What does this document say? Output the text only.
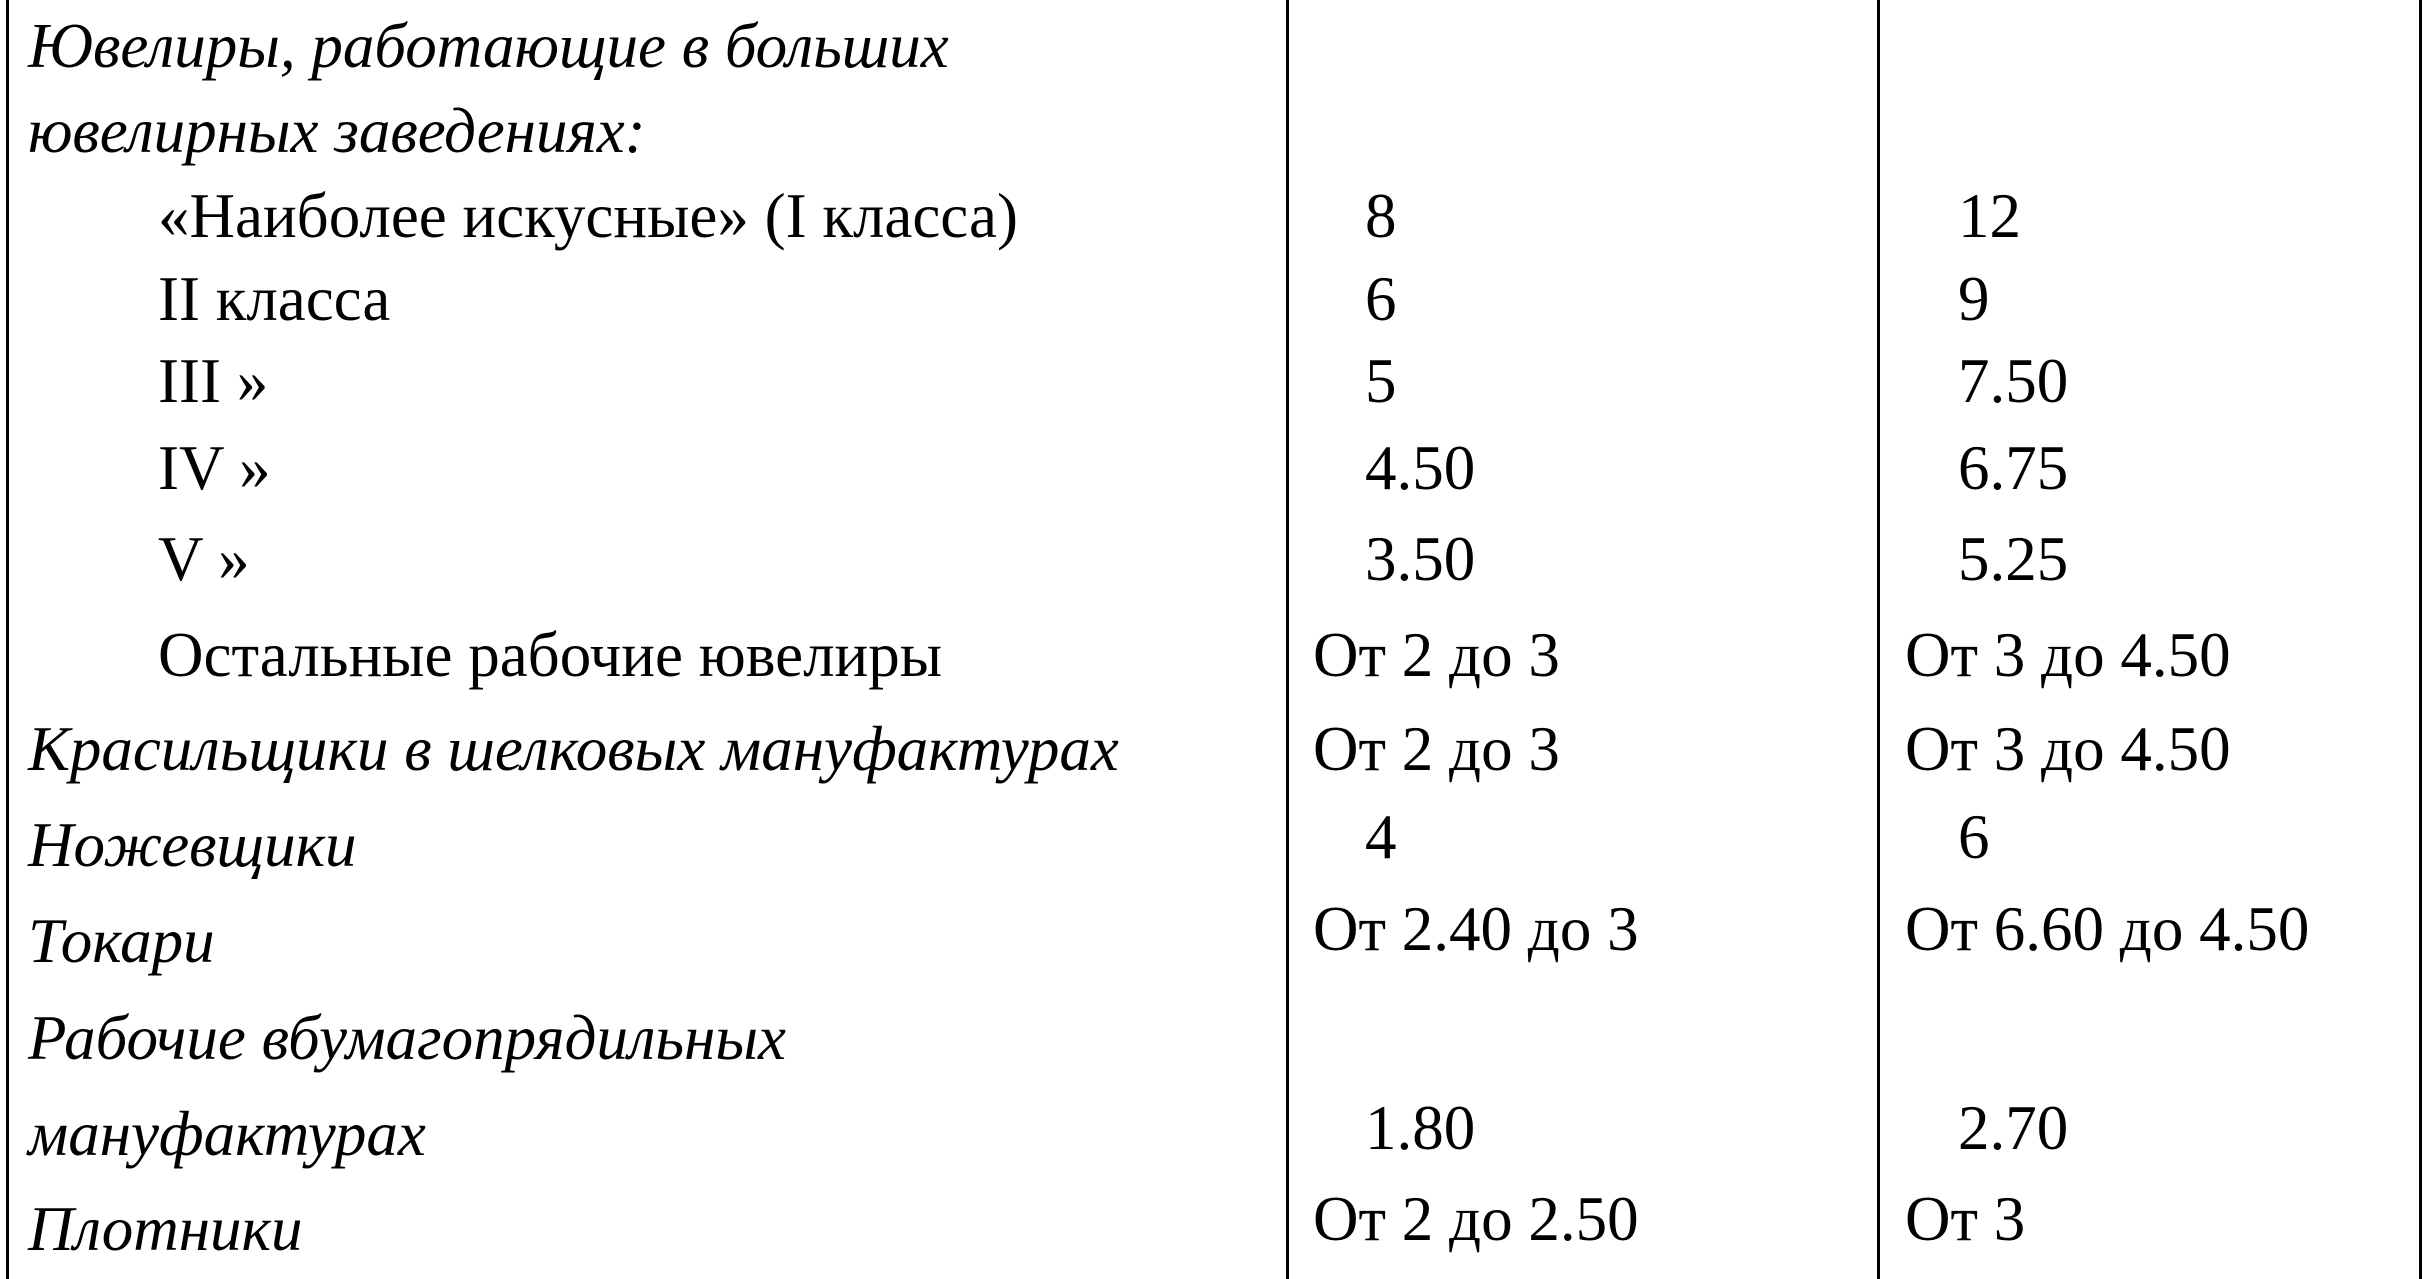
Ювелиры, работающие в больших
ювелирных заведениях:
«Наиболее искусные» (I класса)	8	12
II класса	6	9
III »	5	7.50
IV »	4.50	6.75
V »	3.50	5.25
Остальные рабочие ювелиры	От 2 до 3	От 3 до 4.50
Красильщики в шелковых мануфактурах	От 2 до 3	От 3 до 4.50
Ножевщики	4	6
Токари	От 2.40 до 3	От 6.60 до 4.50
Рабочие вбумагопрядильных
мануфактурах	1.80	2.70
Плотники	От 2 до 2.50	От 3
